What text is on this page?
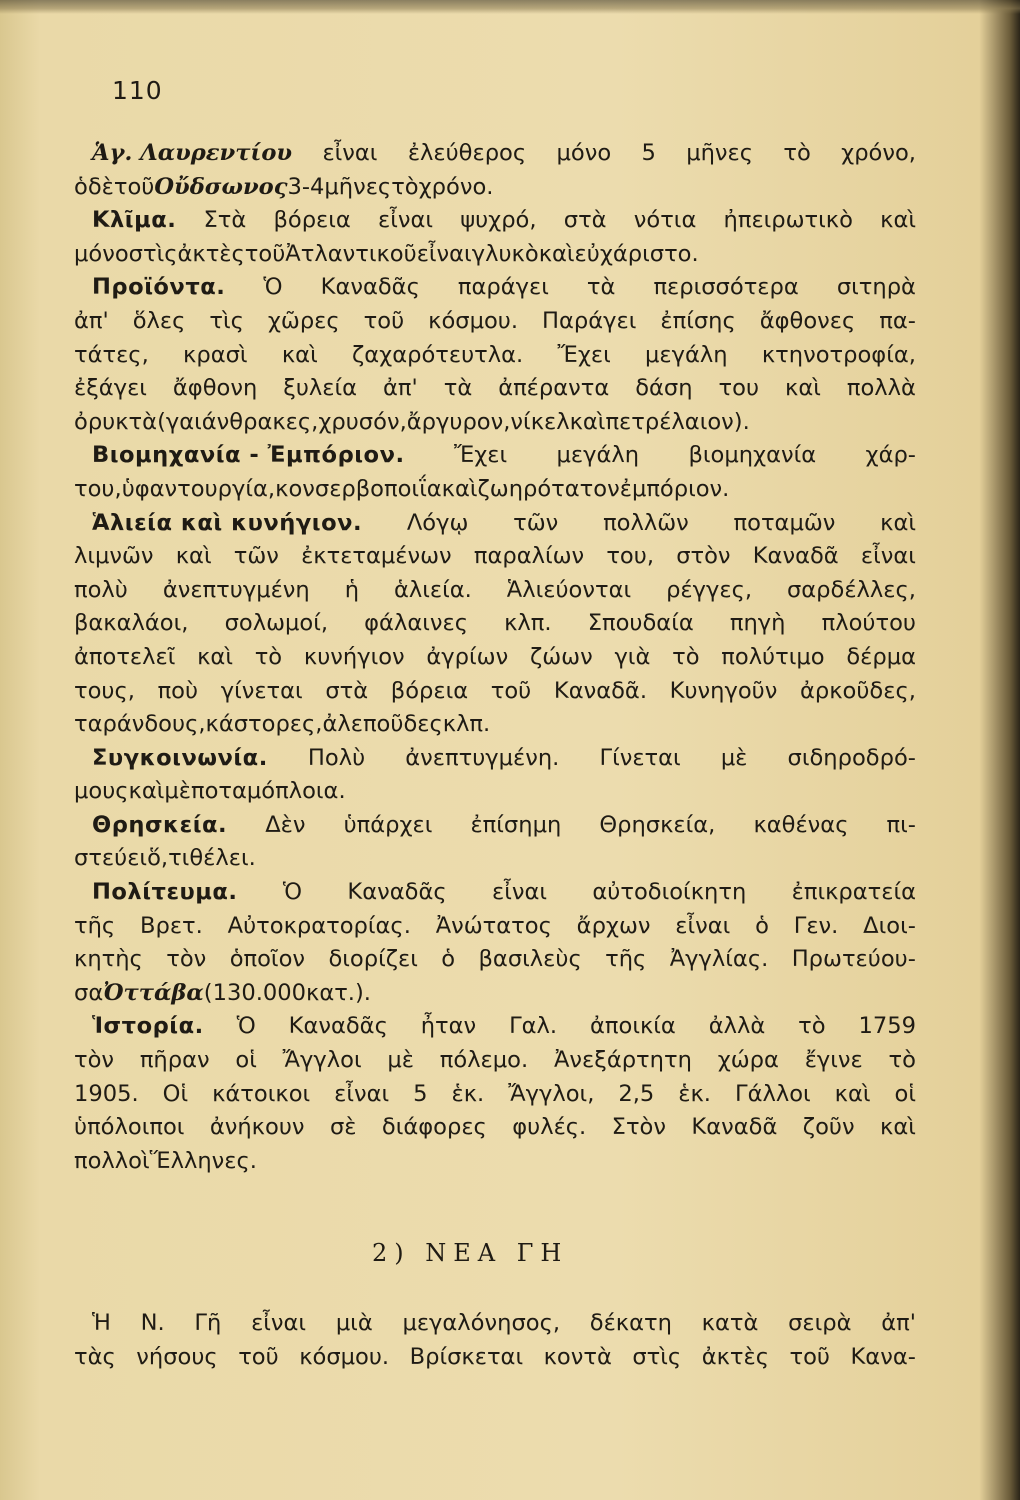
110
Ἁγ. Λαυρεντίου εἶναι ἐλεύθερος μόνο 5 μῆνες τὸ χρόνο,
ὁ δὲ τοῦ Οὔδσωνος 3 - 4 μῆνες τὸ χρόνο.
Κλῖμα. Στὰ βόρεια εἶναι ψυχρό, στὰ νότια ἠπειρωτικὸ καὶ
μόνο στὶς ἀκτὲς τοῦ Ἀτλαντικοῦ εἶναι γλυκὸ καὶ εὐχάριστο.
Προϊόντα. Ὁ Καναδᾶς παράγει τὰ περισσότερα σιτηρὰ
ἀπ' ὅλες τὶς χῶρες τοῦ κόσμου. Παράγει ἐπίσης ἄφθονες πα-
τάτες, κρασὶ καὶ ζαχαρότευτλα. Ἔχει μεγάλη κτηνοτροφία,
ἐξάγει ἄφθονη ξυλεία ἀπ' τὰ ἀπέραντα δάση του καὶ πολλὰ
ὀρυκτὰ (γαιάνθρακες, χρυσόν, ἄργυρον, νίκελ καὶ πετρέλαιον).
Βιομηχανία - Ἐμπόριον. Ἔχει μεγάλη βιομηχανία χάρ-
του, ὑφαντουργία, κονσερβοποιΐα καὶ ζωηρότατον ἐμπόριον.
Ἁλιεία καὶ κυνήγιον. Λόγῳ τῶν πολλῶν ποταμῶν καὶ
λιμνῶν καὶ τῶν ἐκτεταμένων παραλίων του, στὸν Καναδᾶ εἶναι
πολὺ ἀνεπτυγμένη ἡ ἁλιεία. Ἁλιεύονται ρέγγες, σαρδέλλες,
βακαλάοι, σολωμοί, φάλαινες κλπ. Σπουδαία πηγὴ πλούτου
ἀποτελεῖ καὶ τὸ κυνήγιον ἀγρίων ζώων γιὰ τὸ πολύτιμο δέρμα
τους, ποὺ γίνεται στὰ βόρεια τοῦ Καναδᾶ. Κυνηγοῦν ἀρκοῦδες,
ταράνδους, κάστορες, ἀλεποῦδες κλπ.
Συγκοινωνία. Πολὺ ἀνεπτυγμένη. Γίνεται μὲ σιδηροδρό-
μους καὶ μὲ ποταμόπλοια.
Θρησκεία. Δὲν ὑπάρχει ἐπίσημη Θρησκεία, καθένας πι-
στεύει ὅ,τι θέλει.
Πολίτευμα. Ὁ Καναδᾶς εἶναι αὐτοδιοίκητη ἐπικρατεία
τῆς Βρετ. Αὐτοκρατορίας. Ἀνώτατος ἄρχων εἶναι ὁ Γεν. Διοι-
κητὴς τὸν ὁποῖον διορίζει ὁ βασιλεὺς τῆς Ἀγγλίας. Πρωτεύου-
σα Ὀττάβα (130.000 κατ.).
Ἱστορία. Ὁ Καναδᾶς ἦταν Γαλ. ἀποικία ἀλλὰ τὸ 1759
τὸν πῆραν οἱ Ἄγγλοι μὲ πόλεμο. Ἀνεξάρτητη χώρα ἔγινε τὸ
1905. Οἱ κάτοικοι εἶναι 5 ἑκ. Ἄγγλοι, 2,5 ἑκ. Γάλλοι καὶ οἱ
ὑπόλοιποι ἀνήκουν σὲ διάφορες φυλές. Στὸν Καναδᾶ ζοῦν καὶ
πολλοὶ Ἕλληνες.
2) ΝΕΑ ΓΗ
Ἡ Ν. Γῆ εἶναι μιὰ μεγαλόνησος, δέκατη κατὰ σειρὰ ἀπ'
τὰς νήσους τοῦ κόσμου. Βρίσκεται κοντὰ στὶς ἀκτὲς τοῦ Κανα-
